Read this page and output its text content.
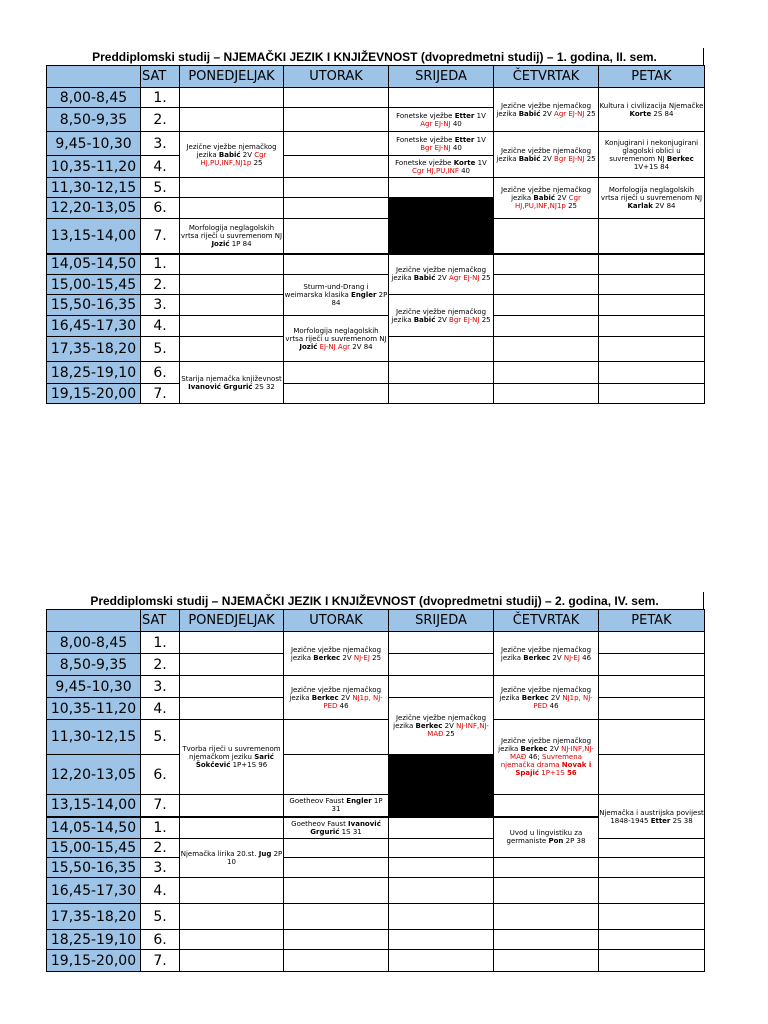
Preddiplomski studij – NJEMAČKI JEZIK I KNJIŽEVNOST (dvopredmetni studij) – 1. godina, II. sem.
	SAT	PONEDJELJAK	UTORAK	SRIJEDA	ČETVRTAK	PETAK
8,00-8,45	1.				Jezične vježbe njemačkog jezika Babić 2V Agr EJ-NJ 25	Kultura i civilizacija Njemačke Korte 2S 84
8,50-9,35	2.			Fonetske vježbe Etter 1V Agr EJ-NJ 40		
9,45-10,30	3.	Jezične vježbe njemačkog jezika Babić 2V Cgr HJ,PU,INF,NJ1p 25		Fonetske vježbe Etter 1V Bgr EJ-NJ 40	Jezične vježbe njemačkog jezika Babić 2V Bgr EJ-NJ 25	Konjugirani i nekonjugirani glagolski oblici u suvremenom NJ Berkec 1V+1S 84
10,35-11,20	4.			Fonetske vježbe Korte 1V Cgr HJ,PU,INF 40		
11,30-12,15	5.				Jezične vježbe njemačkog jezika Babić 2V Cgr HJ,PU,INF,NJ1p 25	Morfologija neglagolskih vrtsa riječi u suvremenom NJ Karlak 2V 84
12,20-13,05	6.					
13,15-14,00	7.	Morfologija neglagolskih vrtsa riječi u suvremenom NJ Jozić 1P 84				
14,05-14,50	1.			Jezične vježbe njemačkog jezika Babić 2V Agr EJ-NJ 25		
15,00-15,45	2.		Sturm-und-Drang i weimarska klasika Engler 2P 84			
15,50-16,35	3.			Jezične vježbe njemačkog jezika Babić 2V Bgr EJ-NJ 25		
16,45-17,30	4.		Morfologija neglagolskih vrtsa riječi u suvremenom NJ Jozić EJ-NJ Agr 2V 84			
17,35-18,20	5.					
18,25-19,10	6.	Starija njemačka književnost Ivanović Grgurić 2S 32				
19,15-20,00	7.					
Preddiplomski studij – NJEMAČKI JEZIK I KNJIŽEVNOST (dvopredmetni studij) – 2. godina, IV. sem.
	SAT	PONEDJELJAK	UTORAK	SRIJEDA	ČETVRTAK	PETAK
8,00-8,45	1.		Jezične vježbe njemačkog jezika Berkec 2V NJ-EJ 25		Jezične vježbe njemačkog jezika Berkec 2V NJ-EJ 46	
8,50-9,35	2.					
9,45-10,30	3.		Jezične vježbe njemačkog jezika Berkec 2V NJ1p, NJ-PED 46		Jezične vježbe njemačkog jezika Berkec 2V NJ1p, NJ-PED 46	
10,35-11,20	4.			Jezične vježbe njemačkog jezika Berkec 2V NJ-INF,NJ-MAĐ 25		
11,30-12,15	5.	Tvorba riječi u suvremenom njemačkom jeziku Sarić Šokčević 1P+1S 96			Jezične vježbe njemačkog jezika Berkec 2V NJ-INF,NJ-MAĐ 46; Suvremena njemačka drama Novak i Spajić 1P+1S 56	
12,20-13,05	6.					
13,15-14,00	7.		Goetheov Faust Engler 1P 31			Njemačka i austrijska povijest 1848-1945 Etter 2S 38
14,05-14,50	1.		Goetheov Faust Ivanović Grgurić 1S 31		Uvod u lingvistiku za germaniste Pon 2P 38	
15,00-15,45	2.	Njemačka lirika 20.st. Jug 2P 10				
15,50-16,35	3.					
16,45-17,30	4.					
17,35-18,20	5.					
18,25-19,10	6.					
19,15-20,00	7.					
